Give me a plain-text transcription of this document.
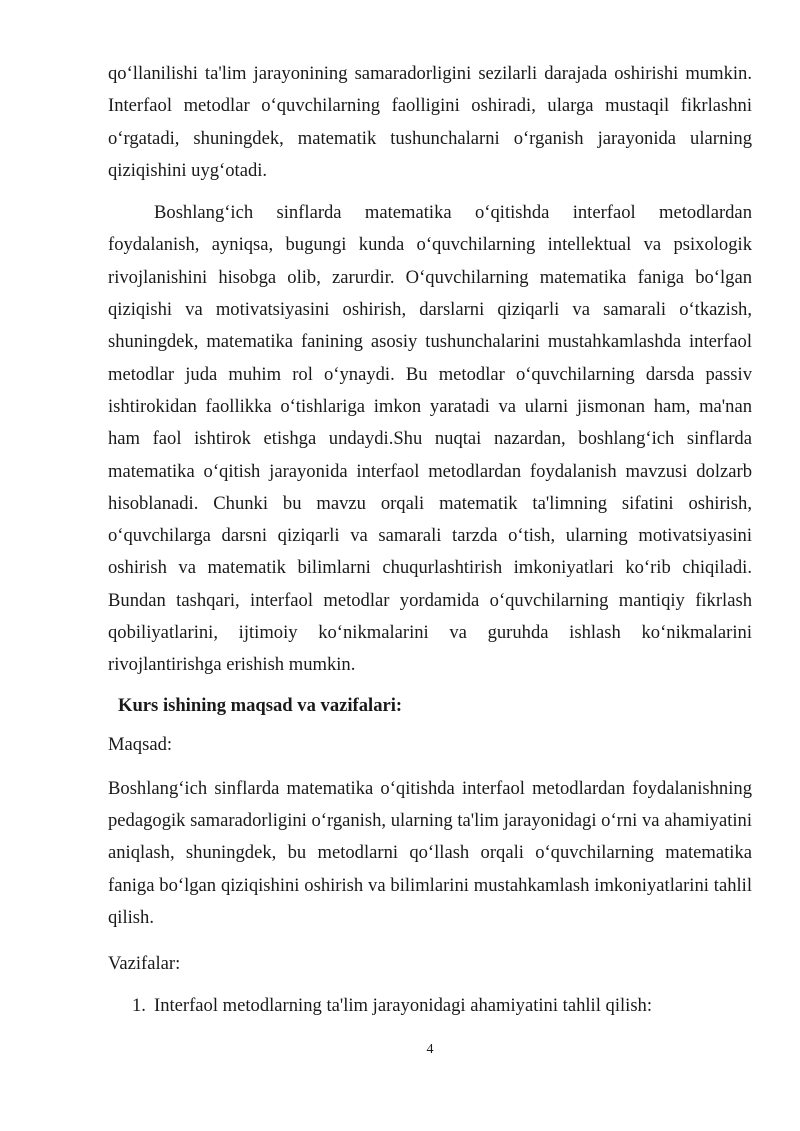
qo‘llanilishi ta'lim jarayonining samaradorligini sezilarli darajada oshirishi mumkin. Interfaol metodlar o‘quvchilarning faolligini oshiradi, ularga mustaqil fikrlashni o‘rgatadi, shuningdek, matematik tushunchalarni o‘rganish jarayonida ularning qiziqishini uyg‘otadi.

Boshlang‘ich sinflarda matematika o‘qitishda interfaol metodlardan foydalanish, ayniqsa, bugungi kunda o‘quvchilarning intellektual va psixologik rivojlanishini hisobga olib, zarurdir. O‘quvchilarning matematika faniga bo‘lgan qiziqishi va motivatsiyasini oshirish, darslarni qiziqarli va samarali o‘tkazish, shuningdek, matematika fanining asosiy tushunchalarini mustahkamlashda interfaol metodlar juda muhim rol o‘ynaydi. Bu metodlar o‘quvchilarning darsda passiv ishtirokidan faollikka o‘tishlariga imkon yaratadi va ularni jismonan ham, ma'nan ham faol ishtirok etishga undaydi.Shu nuqtai nazardan, boshlang‘ich sinflarda matematika o‘qitish jarayonida interfaol metodlardan foydalanish mavzusi dolzarb hisoblanadi. Chunki bu mavzu orqali matematik ta'limning sifatini oshirish, o‘quvchilarga darsni qiziqarli va samarali tarzda o‘tish, ularning motivatsiyasini oshirish va matematik bilimlarni chuqurlashtirish imkoniyatlari ko‘rib chiqiladi. Bundan tashqari, interfaol metodlar yordamida o‘quvchilarning mantiqiy fikrlash qobiliyatlarini, ijtimoiy ko‘nikmalarini va guruhda ishlash ko‘nikmalarini rivojlantirishga erishish mumkin.

Kurs ishining maqsad va vazifalari:
Maqsad:

Boshlang‘ich sinflarda matematika o‘qitishda interfaol metodlardan foydalanishning pedagogik samaradorligini o‘rganish, ularning ta'lim jarayonidagi o‘rni va ahamiyatini aniqlash, shuningdek, bu metodlarni qo‘llash orqali o‘quvchilarning matematika faniga bo‘lgan qiziqishini oshirish va bilimlarini mustahkamlash imkoniyatlarini tahlil qilish.

Vazifalar:
1. Interfaol metodlarning ta'lim jarayonidagi ahamiyatini tahlil qilish:
4
